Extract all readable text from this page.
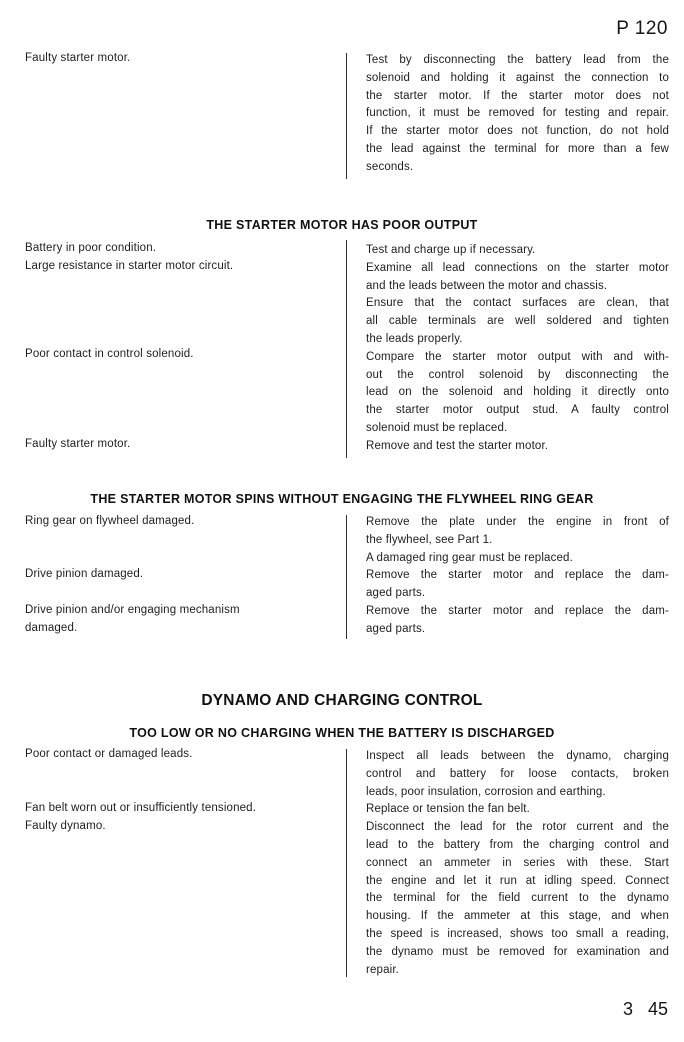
P 120
Faulty starter motor.	Test by disconnecting the battery lead from the
solenoid and holding it against the connection to
the starter motor. If the starter motor does not
function, it must be removed for testing and repair.
If the starter motor does not function, do not hold
the lead against the terminal for more than a few
seconds.
THE STARTER MOTOR HAS POOR OUTPUT
Battery in poor condition.
Large resistance in starter motor circuit.
Poor contact in control solenoid.
Faulty starter motor.
Test and charge up if necessary.
Examine all lead connections on the starter motor
and the leads between the motor and chassis.
Ensure that the contact surfaces are clean, that
all cable terminals are well soldered and tighten
the leads properly.
Compare the starter motor output with and with-
out the control solenoid by disconnecting the
lead on the solenoid and holding it directly onto
the starter motor output stud. A faulty control
solenoid must be replaced.
Remove and test the starter motor.
THE STARTER MOTOR SPINS WITHOUT ENGAGING THE FLYWHEEL RING GEAR
Ring gear on flywheel damaged.
Drive pinion damaged.
Drive pinion and/or engaging mechanism
damaged.
Remove the plate under the engine in front of
the flywheel, see Part 1.
A damaged ring gear must be replaced.
Remove the starter motor and replace the dam-
aged parts.
Remove the starter motor and replace the dam-
aged parts.
DYNAMO AND CHARGING CONTROL
TOO LOW OR NO CHARGING WHEN THE BATTERY IS DISCHARGED
Poor contact or damaged leads.
Fan belt worn out or insufficiently tensioned.
Faulty dynamo.
Inspect all leads between the dynamo, charging
control and battery for loose contacts, broken
leads, poor insulation, corrosion and earthing.
Replace or tension the fan belt.
Disconnect the lead for the rotor current and the
lead to the battery from the charging control and
connect an ammeter in series with these. Start
the engine and let it run at idling speed. Connect
the terminal for the field current to the dynamo
housing. If the ammeter at this stage, and when
the speed is increased, shows too small a reading,
the dynamo must be removed for examination and
repair.
3 45
